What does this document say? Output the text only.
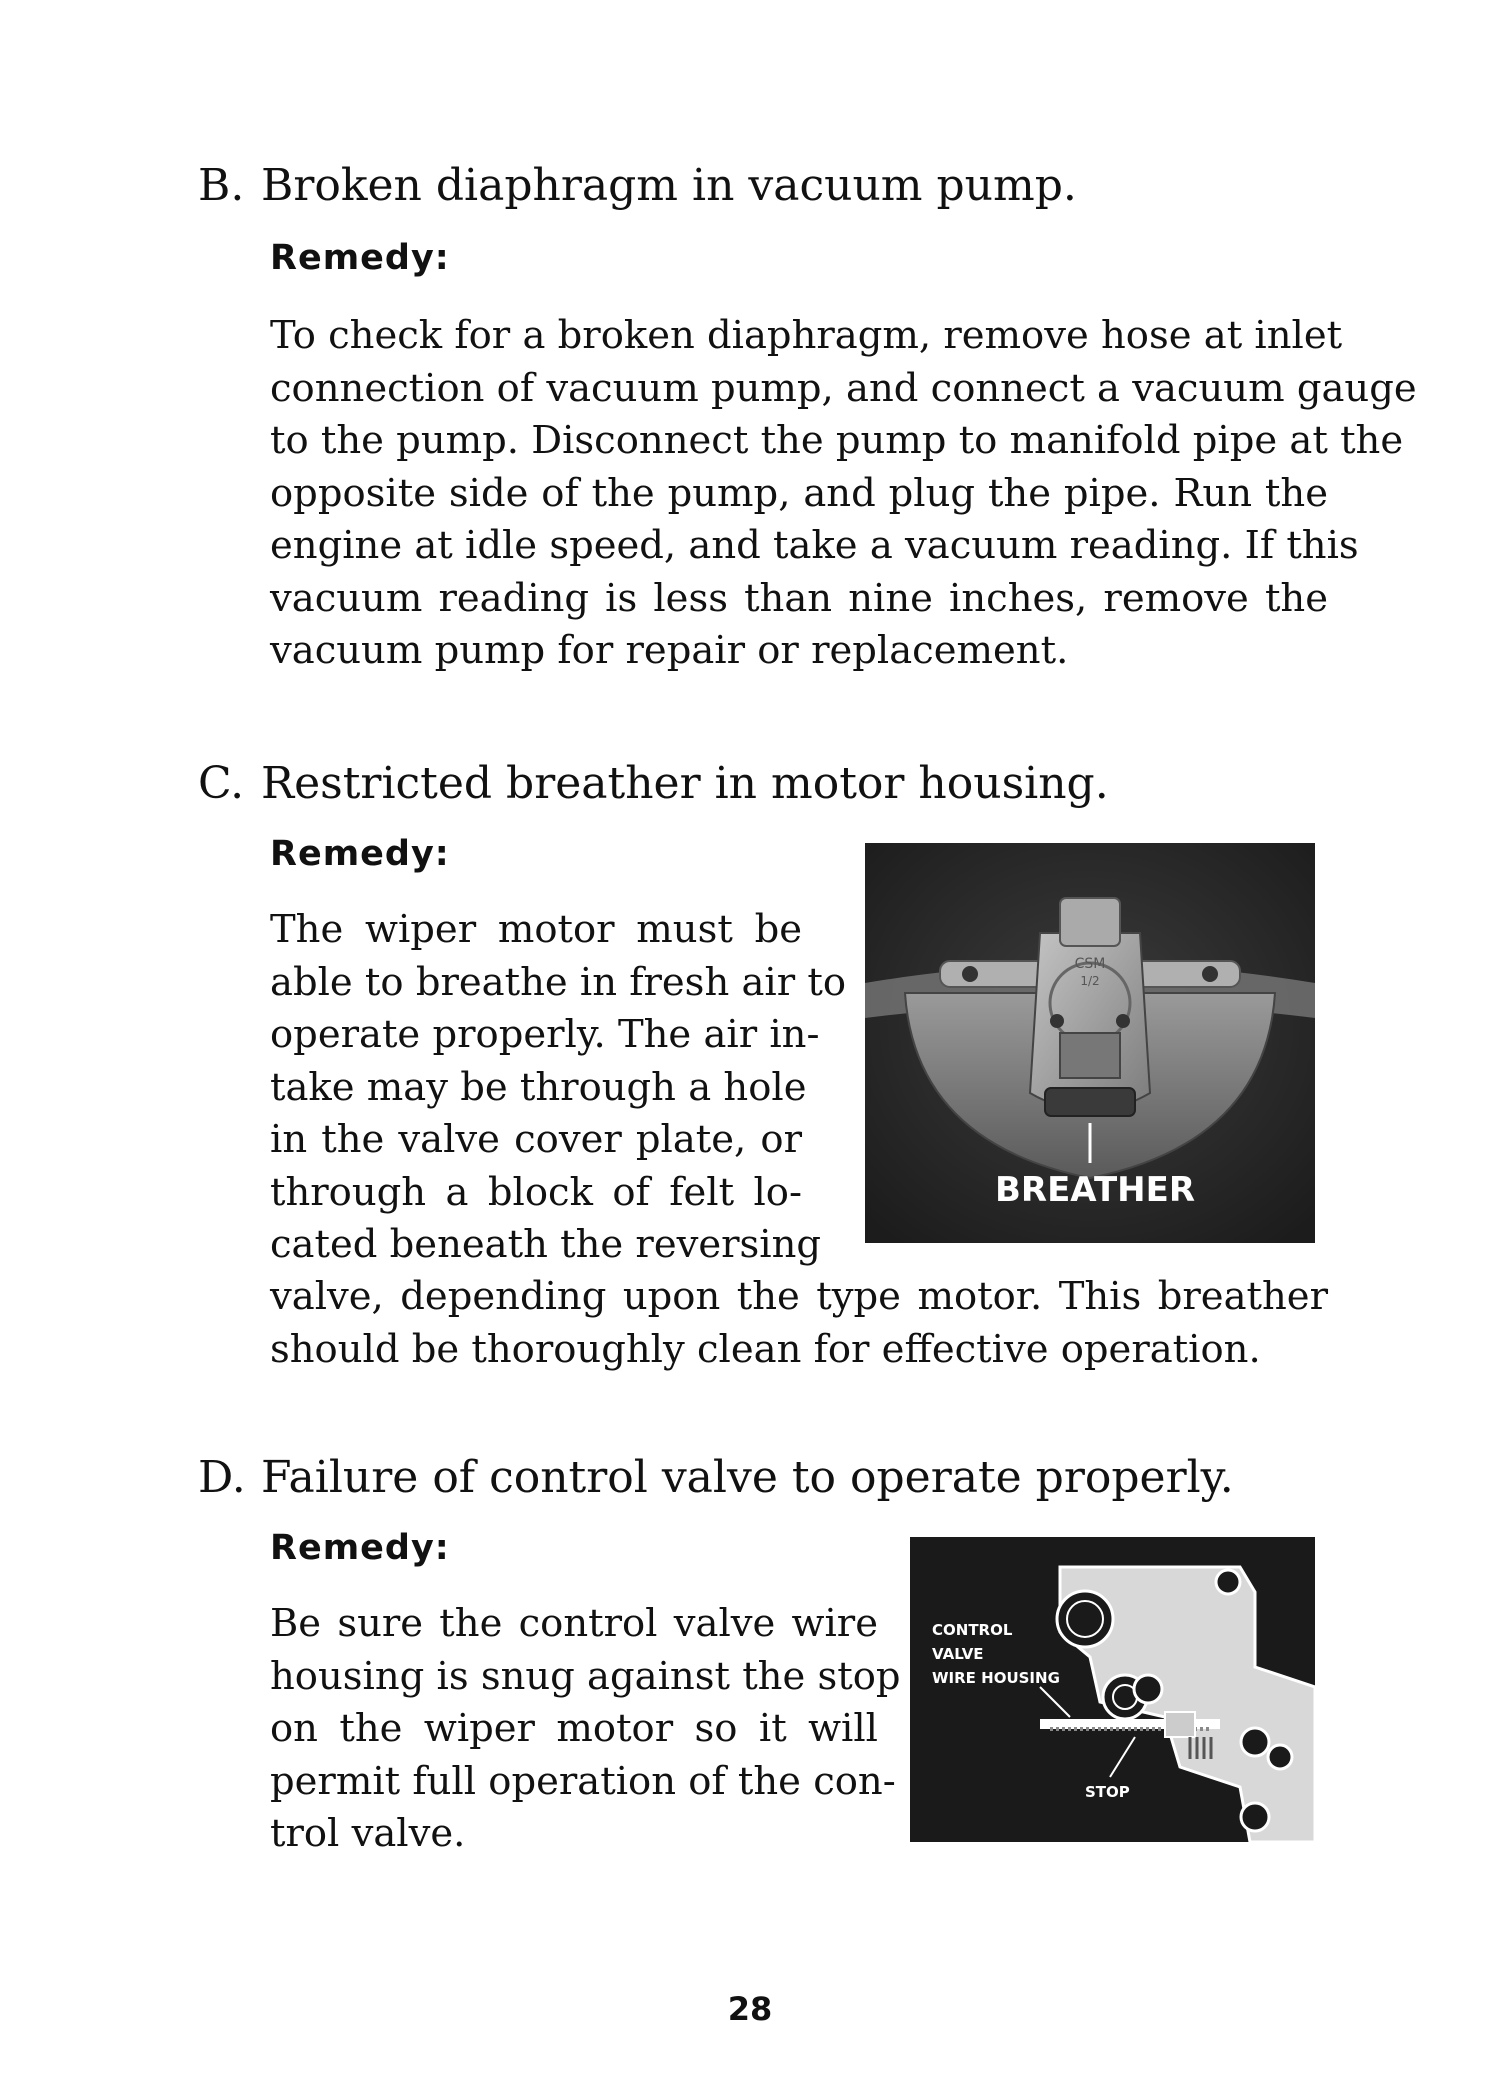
B. Broken diaphragm in vacuum pump.
Remedy:
To check for a broken diaphragm, remove hose at inlet
connection of vacuum pump, and connect a vacuum gauge
to the pump. Disconnect the pump to manifold pipe at the
opposite side of the pump, and plug the pipe. Run the
engine at idle speed, and take a vacuum reading. If this
vacuum reading is less than nine inches, remove the
vacuum pump for repair or replacement.
C. Restricted breather in motor housing.
Remedy:
The wiper motor must be
able to breathe in fresh air to
operate properly. The air in-
take may be through a hole
in the valve cover plate, or
through a block of felt lo-
cated beneath the reversing
valve, depending upon the type motor. This breather
should be thoroughly clean for effective operation.
CSM
1/2
BREATHER
D. Failure of control valve to operate properly.
Remedy:
Be sure the control valve wire
housing is snug against the stop
on the wiper motor so it will
permit full operation of the con-
trol valve.
CONTROL
VALVE
WIRE HOUSING
STOP
28
